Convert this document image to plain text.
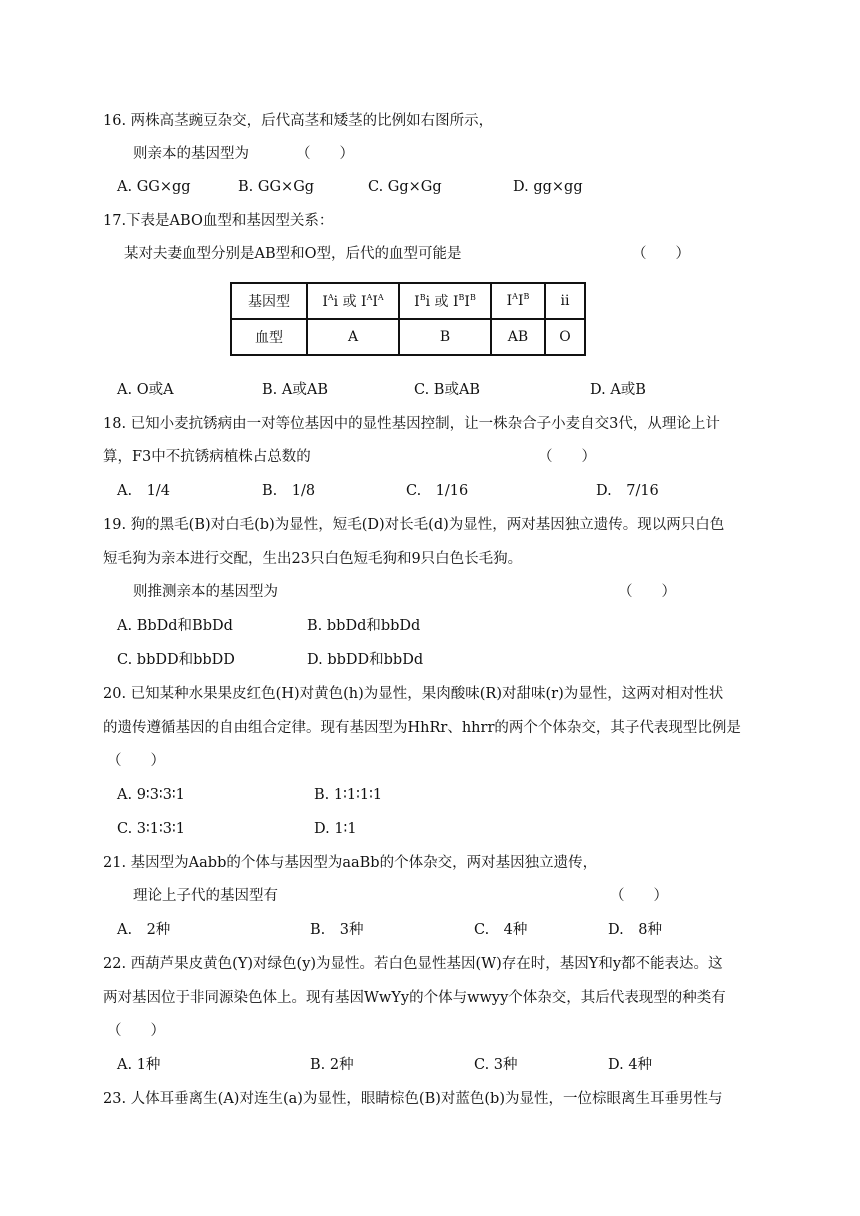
16. 两株高茎豌豆杂交，后代高茎和矮茎的比例如右图所示，
则亲本的基因型为	（　　）
A. GG×gg	B. GG×Gg	C. Gg×Gg	D. gg×gg
17.下表是ABO血型和基因型关系：
某对夫妻血型分别是AB型和O型，后代的血型可能是	（　　）
基因型	$I^Ai$ 或 $I^AI^A$	$I^Bi$ 或 $I^BI^B$	$I^AI^B$	ii
血型	A	B	AB	O
A. O或A	B. A或AB	C. B或AB	D. A或B
18. 已知小麦抗锈病由一对等位基因中的显性基因控制，让一株杂合子小麦自交3代，从理论上计
算，F3中不抗锈病植株占总数的	（　　）
A.　1/4	B.　1/8	C.　1/16	D.　7/16
19. 狗的黑毛(B)对白毛(b)为显性，短毛(D)对长毛(d)为显性，两对基因独立遗传。现以两只白色
短毛狗为亲本进行交配，生出23只白色短毛狗和9只白色长毛狗。
则推测亲本的基因型为	（　　）
A. BbDd和BbDd	B. bbDd和bbDd
C. bbDD和bbDD	D. bbDD和bbDd
20. 已知某种水果果皮红色(H)对黄色(h)为显性，果肉酸味(R)对甜味(r)为显性，这两对相对性状
的遗传遵循基因的自由组合定律。现有基因型为HhRr、hhrr的两个个体杂交，其子代表现型比例是
（　　）
A. 9∶3∶3∶1	B. 1∶1∶1∶1
C. 3∶1∶3∶1	D. 1∶1
21. 基因型为Aabb的个体与基因型为aaBb的个体杂交，两对基因独立遗传，
理论上子代的基因型有	（　　）
A.　2种	B.　3种	C.　4种	D.　8种
22. 西葫芦果皮黄色(Y)对绿色(y)为显性。若白色显性基因(W)存在时，基因Y和y都不能表达。这
两对基因位于非同源染色体上。现有基因WwYy的个体与wwyy个体杂交，其后代表现型的种类有
（　　）
A. 1种	B. 2种	C. 3种	D. 4种
23. 人体耳垂离生(A)对连生(a)为显性，眼睛棕色(B)对蓝色(b)为显性，一位棕眼离生耳垂男性与
